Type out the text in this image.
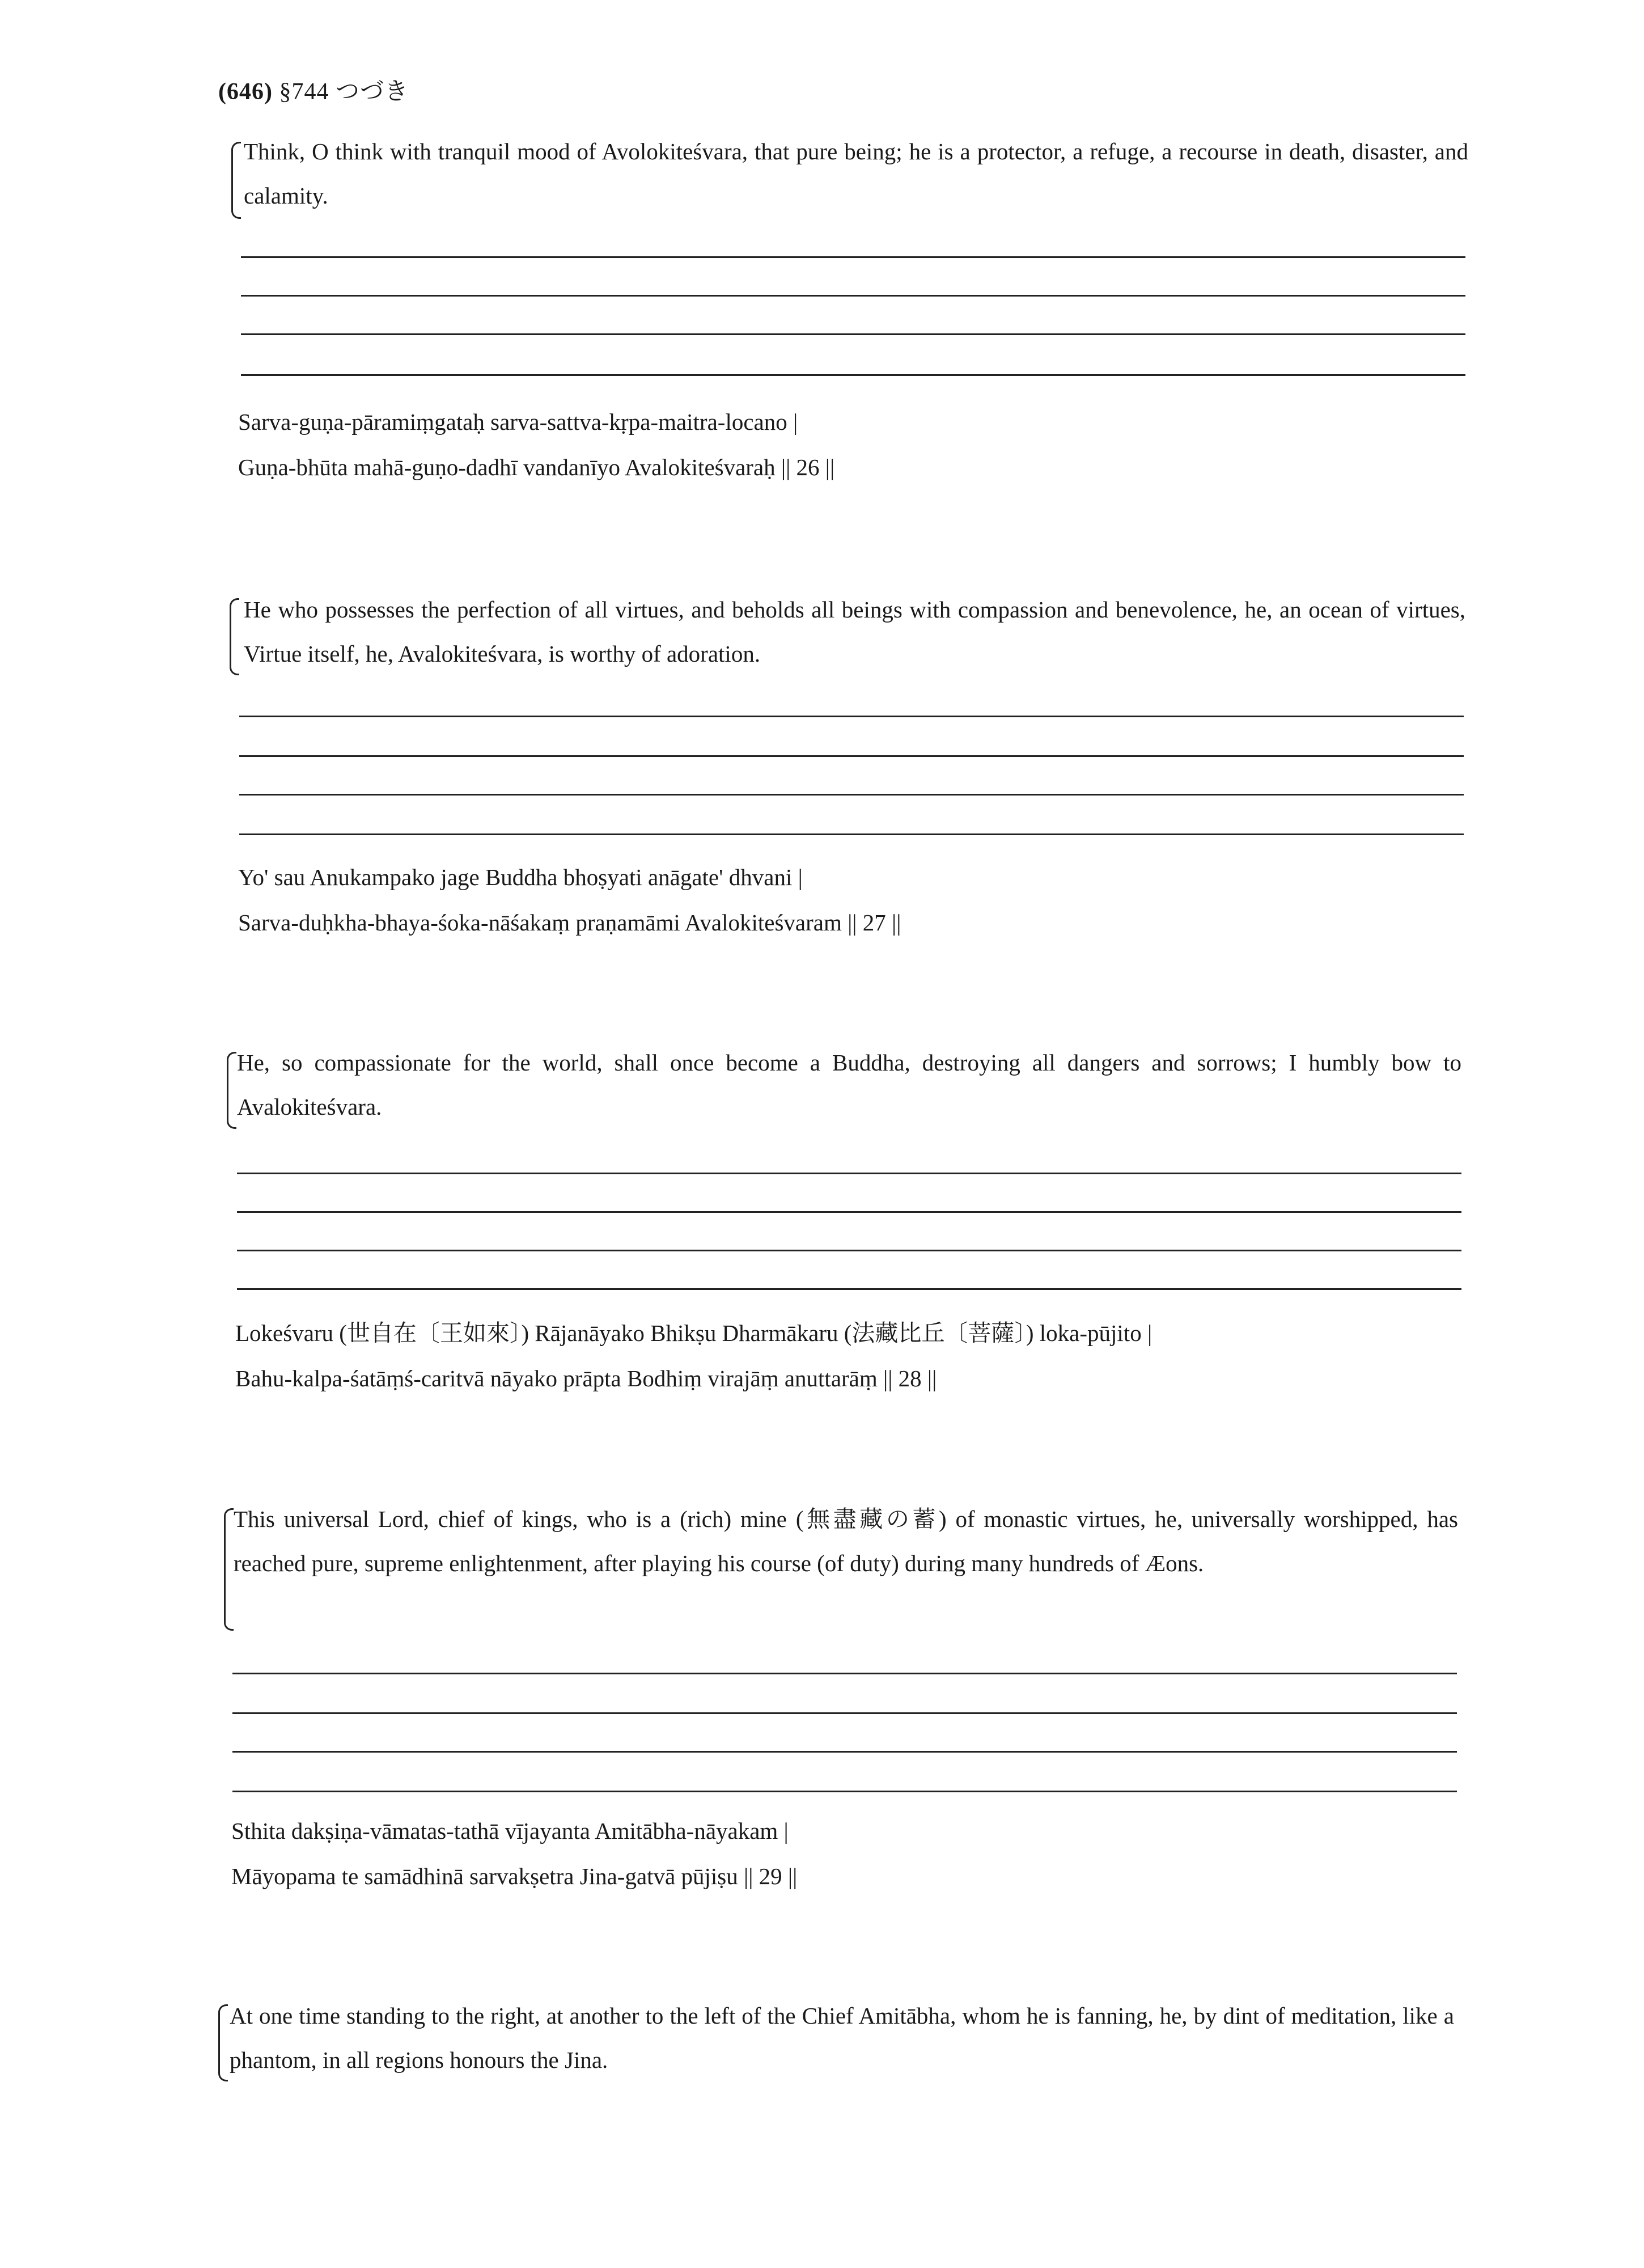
(646) §744 つづき
Think, O think with tranquil mood of Avolokiteśvara, that pure being; he is a protector, a refuge, a recourse in death, disaster, and calamity.
Sarva-guṇa-pāramiṃgataḥ sarva-sattva-kṛpa-maitra-locano |
Guṇa-bhūta mahā-guṇo-dadhī vandanīyo Avalokiteśvaraḥ || 26 ||
He who possesses the perfection of all virtues, and beholds all beings with compassion and benevolence, he, an ocean of virtues, Virtue itself, he, Avalokiteśvara, is worthy of adoration.
Yo' sau Anukampako jage Buddha bhoṣyati anāgate' dhvani |
Sarva-duḥkha-bhaya-śoka-nāśakaṃ praṇamāmi Avalokiteśvaram || 27 ||
He, so compassionate for the world, shall once become a Buddha, destroying all dangers and sorrows; I humbly bow to Avalokiteśvara.
Lokeśvaru (世自在〔王如來〕) Rājanāyako Bhikṣu Dharmākaru (法藏比丘〔菩薩〕) loka-pūjito |
Bahu-kalpa-śatāṃś-caritvā nāyako prāpta Bodhiṃ virajāṃ anuttarāṃ || 28 ||
This universal Lord, chief of kings, who is a (rich) mine (無盡藏の蓄) of monastic virtues, he, universally worshipped, has reached pure, supreme enlightenment, after playing his course (of duty) during many hundreds of Æons.
Sthita dakṣiṇa-vāmatas-tathā vījayanta Amitābha-nāyakam |
Māyopama te samādhinā sarvakṣetra Jina-gatvā pūjiṣu || 29 ||
At one time standing to the right, at another to the left of the Chief Amitābha, whom he is fanning, he, by dint of meditation, like a phantom, in all regions honours the Jina.
